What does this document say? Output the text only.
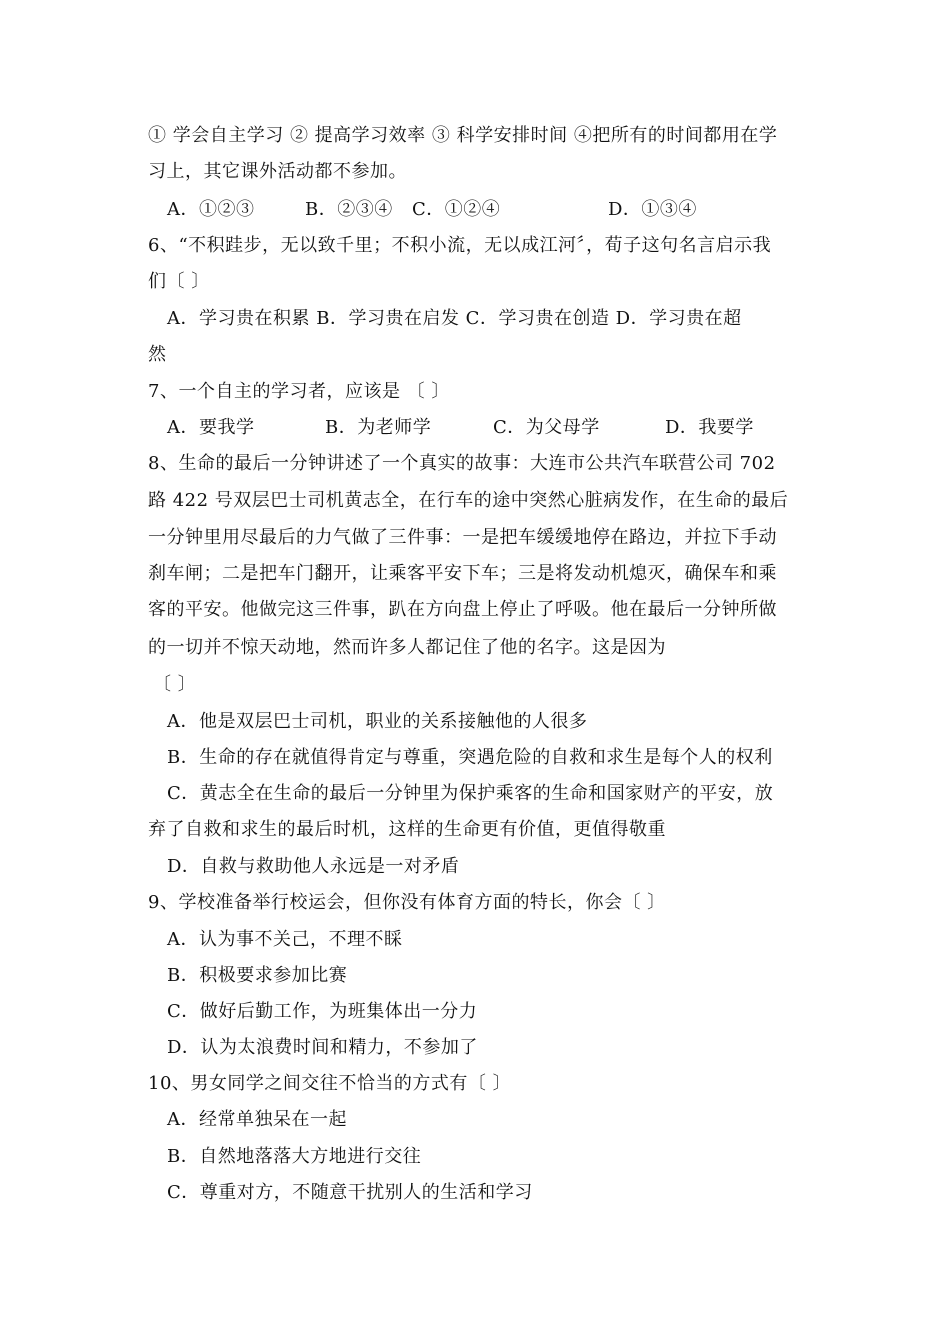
① 学会自主学习 ② 提高学习效率 ③ 科学安排时间 ④把所有的时间都用在学
习上，其它课外活动都不参加。
A．①②③	B．②③④ C．①②④	D．①③④
6、“不积跬步，无以致千里；不积小流，无以成江河〞，荀子这句名言启示我
们〔 〕
A．学习贵在积累 B．学习贵在启发 C．学习贵在创造 D．学习贵在超
然
7、一个自主的学习者，应该是 〔 〕
A．要我学	B．为老师学	C．为父母学	D．我要学
8、生命的最后一分钟讲述了一个真实的故事：大连市公共汽车联营公司 702
路 422 号双层巴士司机黄志全，在行车的途中突然心脏病发作，在生命的最后
一分钟里用尽最后的力气做了三件事：一是把车缓缓地停在路边，并拉下手动
刹车闸；二是把车门翻开，让乘客平安下车；三是将发动机熄灭，确保车和乘
客的平安。他做完这三件事，趴在方向盘上停止了呼吸。他在最后一分钟所做
的一切并不惊天动地，然而许多人都记住了他的名字。这是因为
〔 〕
A．他是双层巴士司机，职业的关系接触他的人很多
B．生命的存在就值得肯定与尊重，突遇危险的自救和求生是每个人的权利
C．黄志全在生命的最后一分钟里为保护乘客的生命和国家财产的平安，放
弃了自救和求生的最后时机，这样的生命更有价值，更值得敬重
D．自救与救助他人永远是一对矛盾
9、学校准备举行校运会，但你没有体育方面的特长，你会〔 〕
A．认为事不关己，不理不睬
B．积极要求参加比赛
C．做好后勤工作，为班集体出一分力
D．认为太浪费时间和精力，不参加了
10、男女同学之间交往不恰当的方式有〔 〕
A．经常单独呆在一起
B．自然地落落大方地进行交往
C．尊重对方，不随意干扰别人的生活和学习
